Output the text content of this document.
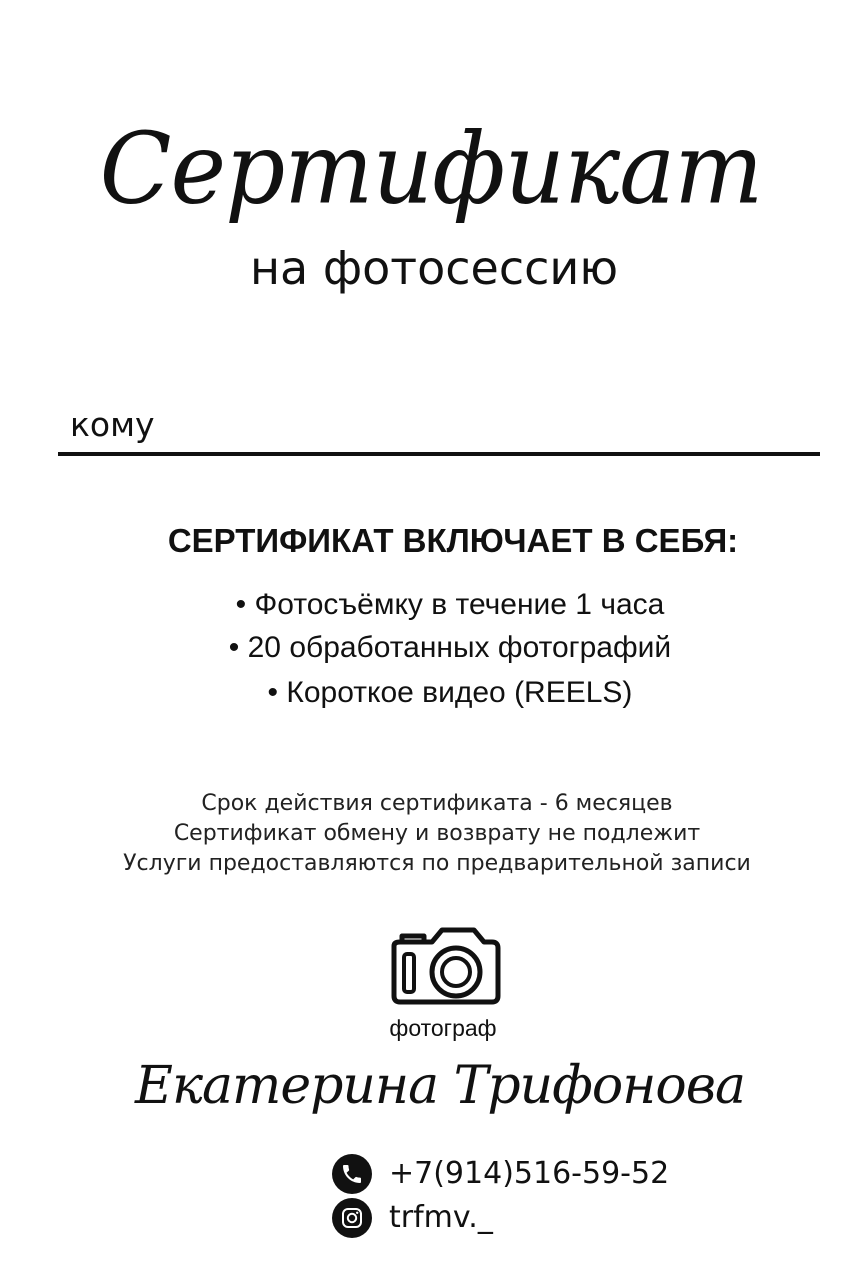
Сертификат
на фотосессию
кому
СЕРТИФИКАТ ВКЛЮЧАЕТ В СЕБЯ:
• Фотосъёмку в течение 1 часа
• 20 обработанных фотографий
• Короткое видео (REELS)
Срок действия сертификата - 6 месяцев
Сертификат обмену и возврату не подлежит
Услуги предоставляются по предварительной записи
фотограф
Екатерина Трифонова
+7(914)516-59-52
trfmv._
